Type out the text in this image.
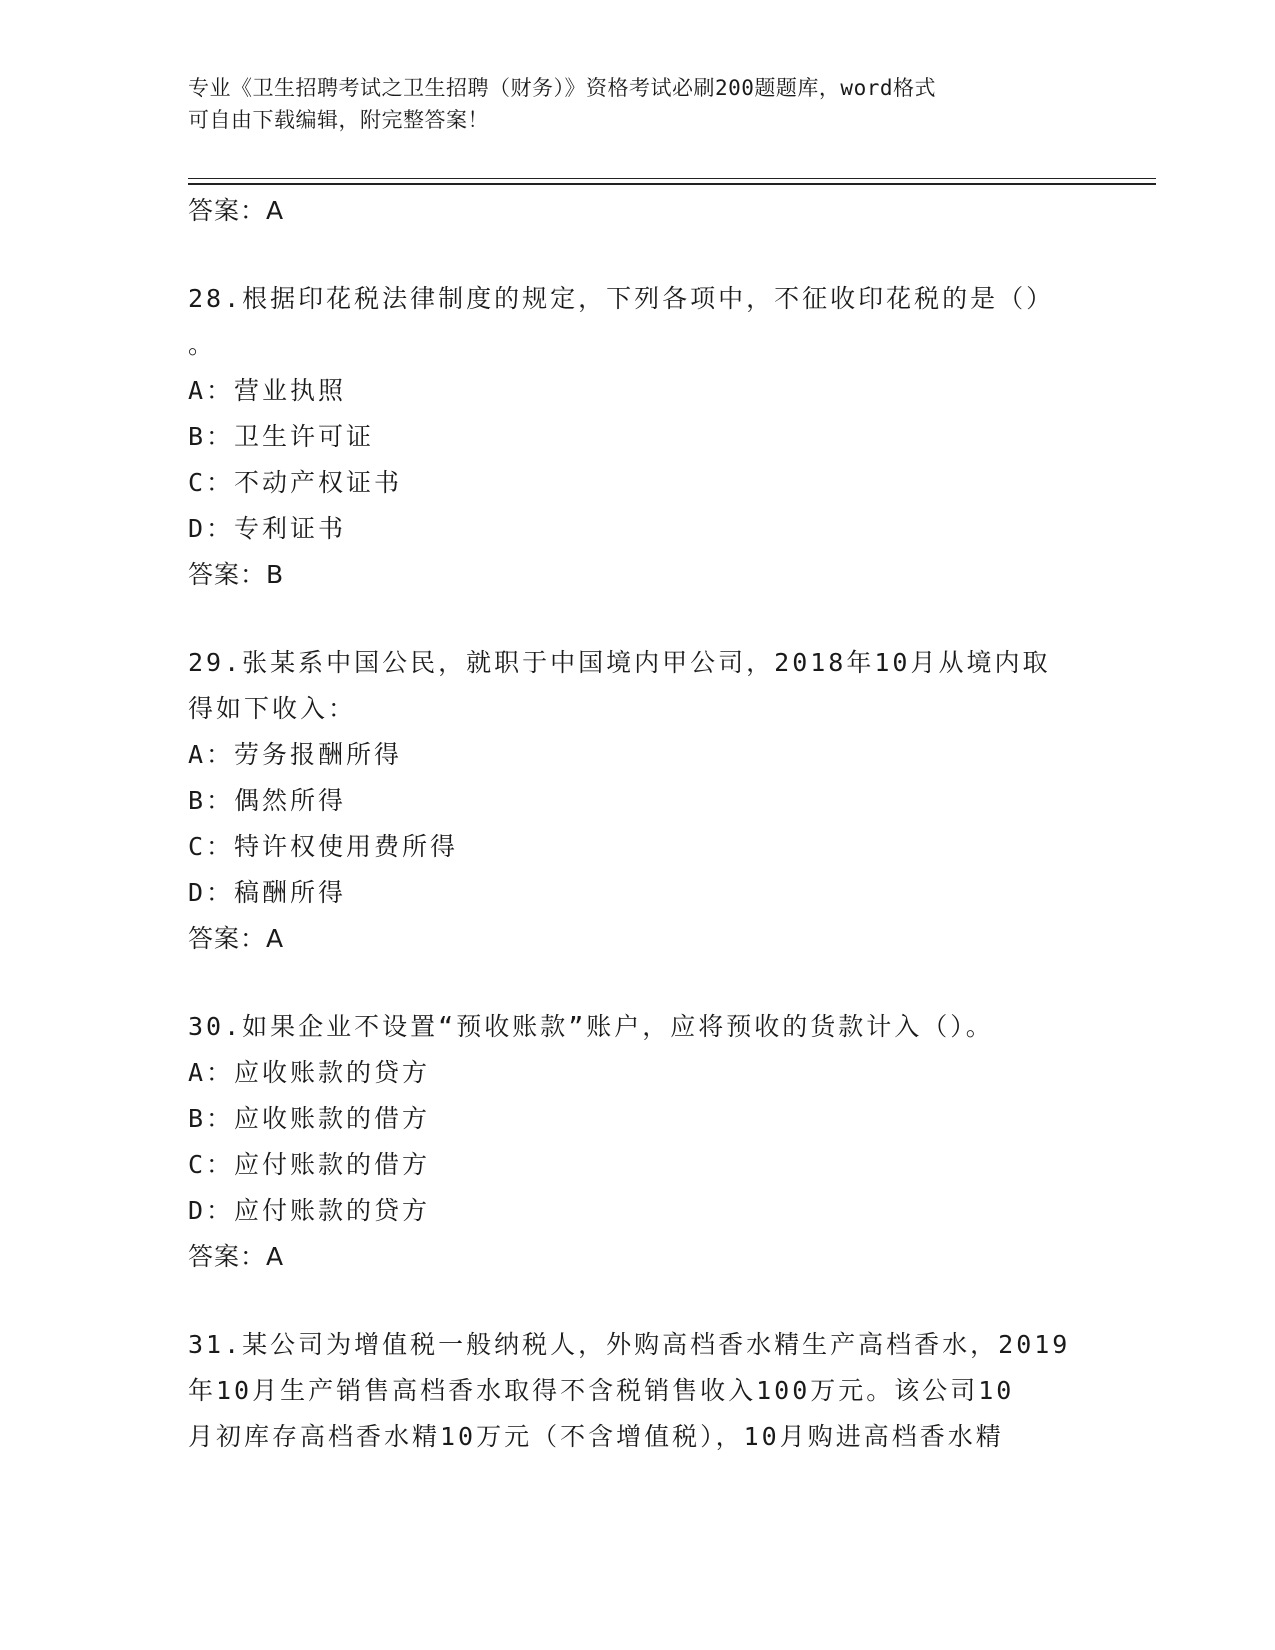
专业《卫生招聘考试之卫生招聘（财务）》资格考试必刷200题题库，word格式
可自由下载编辑，附完整答案！
答案：A
28.根据印花税法律制度的规定，下列各项中，不征收印花税的是（）
。
A：营业执照
B：卫生许可证
C：不动产权证书
D：专利证书
答案：B
29.张某系中国公民，就职于中国境内甲公司，2018年10月从境内取
得如下收入：
A：劳务报酬所得
B：偶然所得
C：特许权使用费所得
D：稿酬所得
答案：A
30.如果企业不设置“预收账款”账户，应将预收的货款计入（）。
A：应收账款的贷方
B：应收账款的借方
C：应付账款的借方
D：应付账款的贷方
答案：A
31.某公司为增值税一般纳税人，外购高档香水精生产高档香水，2019
年10月生产销售高档香水取得不含税销售收入100万元。该公司10
月初库存高档香水精10万元（不含增值税），10月购进高档香水精
